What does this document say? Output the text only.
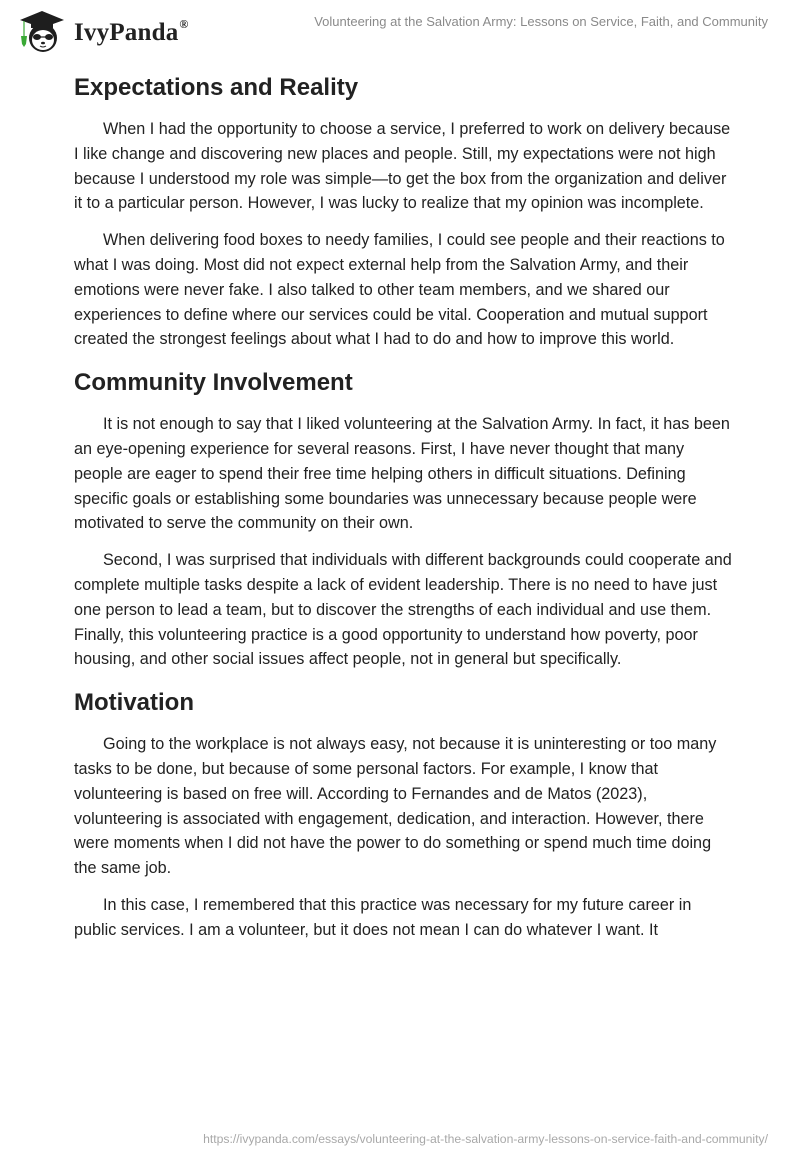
IvyPanda®	Volunteering at the Salvation Army: Lessons on Service, Faith, and Community
Expectations and Reality

When I had the opportunity to choose a service, I preferred to work on delivery because I like change and discovering new places and people. Still, my expectations were not high because I understood my role was simple—to get the box from the organization and deliver it to a particular person. However, I was lucky to realize that my opinion was incomplete.

When delivering food boxes to needy families, I could see people and their reactions to what I was doing. Most did not expect external help from the Salvation Army, and their emotions were never fake. I also talked to other team members, and we shared our experiences to define where our services could be vital. Cooperation and mutual support created the strongest feelings about what I had to do and how to improve this world.

Community Involvement

It is not enough to say that I liked volunteering at the Salvation Army. In fact, it has been an eye-opening experience for several reasons. First, I have never thought that many people are eager to spend their free time helping others in difficult situations. Defining specific goals or establishing some boundaries was unnecessary because people were motivated to serve the community on their own.

Second, I was surprised that individuals with different backgrounds could cooperate and complete multiple tasks despite a lack of evident leadership. There is no need to have just one person to lead a team, but to discover the strengths of each individual and use them. Finally, this volunteering practice is a good opportunity to understand how poverty, poor housing, and other social issues affect people, not in general but specifically.

Motivation

Going to the workplace is not always easy, not because it is uninteresting or too many tasks to be done, but because of some personal factors. For example, I know that volunteering is based on free will. According to Fernandes and de Matos (2023), volunteering is associated with engagement, dedication, and interaction. However, there were moments when I did not have the power to do something or spend much time doing the same job.

In this case, I remembered that this practice was necessary for my future career in public services. I am a volunteer, but it does not mean I can do whatever I want. It

https://ivypanda.com/essays/volunteering-at-the-salvation-army-lessons-on-service-faith-and-community/
